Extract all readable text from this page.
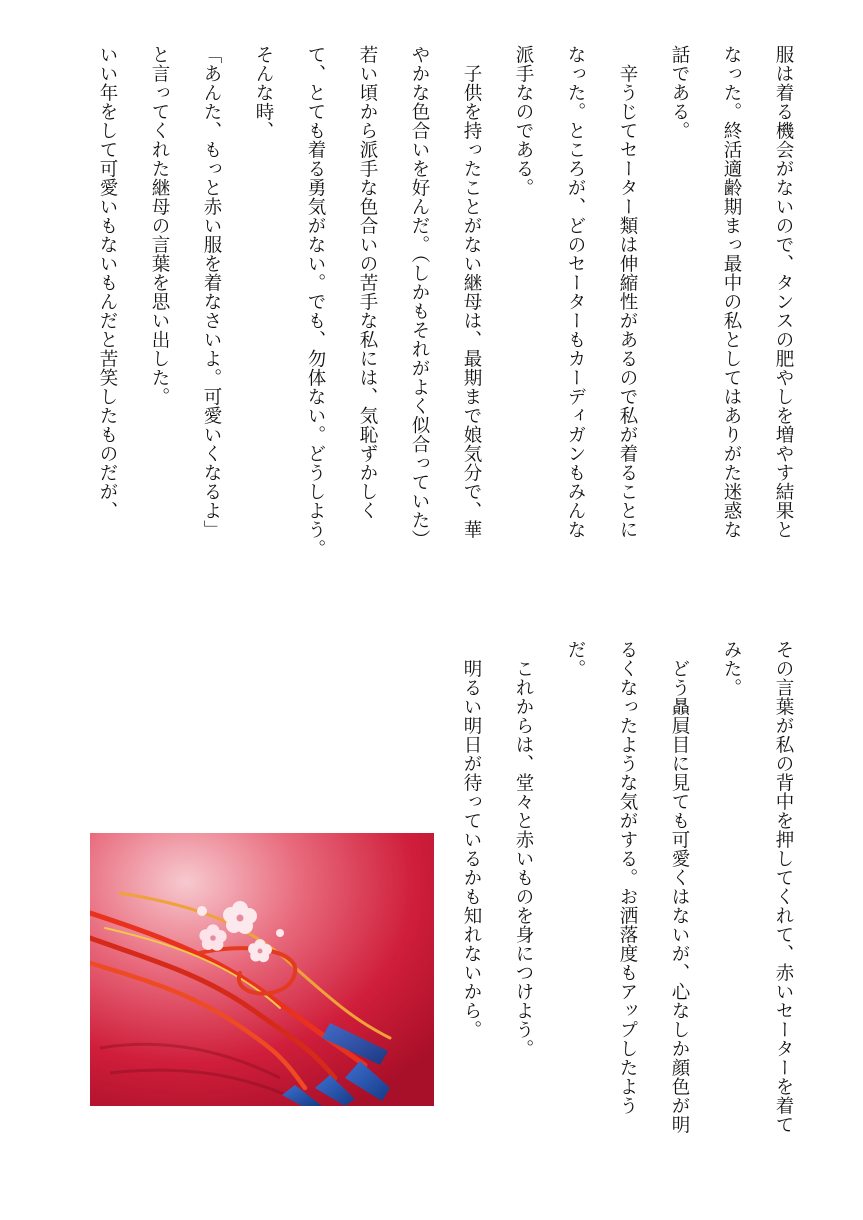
服は着る機会がないので、タンスの肥やしを増やす結果と
なった。終活適齢期まっ最中の私としてはありがた迷惑な
話である。
　辛うじてセーター類は伸縮性があるので私が着ることに
なった。ところが、どのセーターもカーディガンもみんな
派手なのである。
　子供を持ったことがない継母は、最期まで娘気分で、華
やかな色合いを好んだ。（しかもそれがよく似合っていた）
若い頃から派手な色合いの苦手な私には、気恥ずかしく
て、とても着る勇気がない。でも、勿体ない。どうしよう。
そんな時、
「あんた、もっと赤い服を着なさいよ。可愛いくなるよ」
と言ってくれた継母の言葉を思い出した。
いい年をして可愛いもないもんだと苦笑したものだが、
その言葉が私の背中を押してくれて、赤いセーターを着て
みた。
　どう贔屓目に見ても可愛くはないが、心なしか顔色が明
るくなったような気がする。お洒落度もアップしたようだ。
　これからは、堂々と赤いものを身につけよう。
　明るい明日が待っているかも知れないから。
